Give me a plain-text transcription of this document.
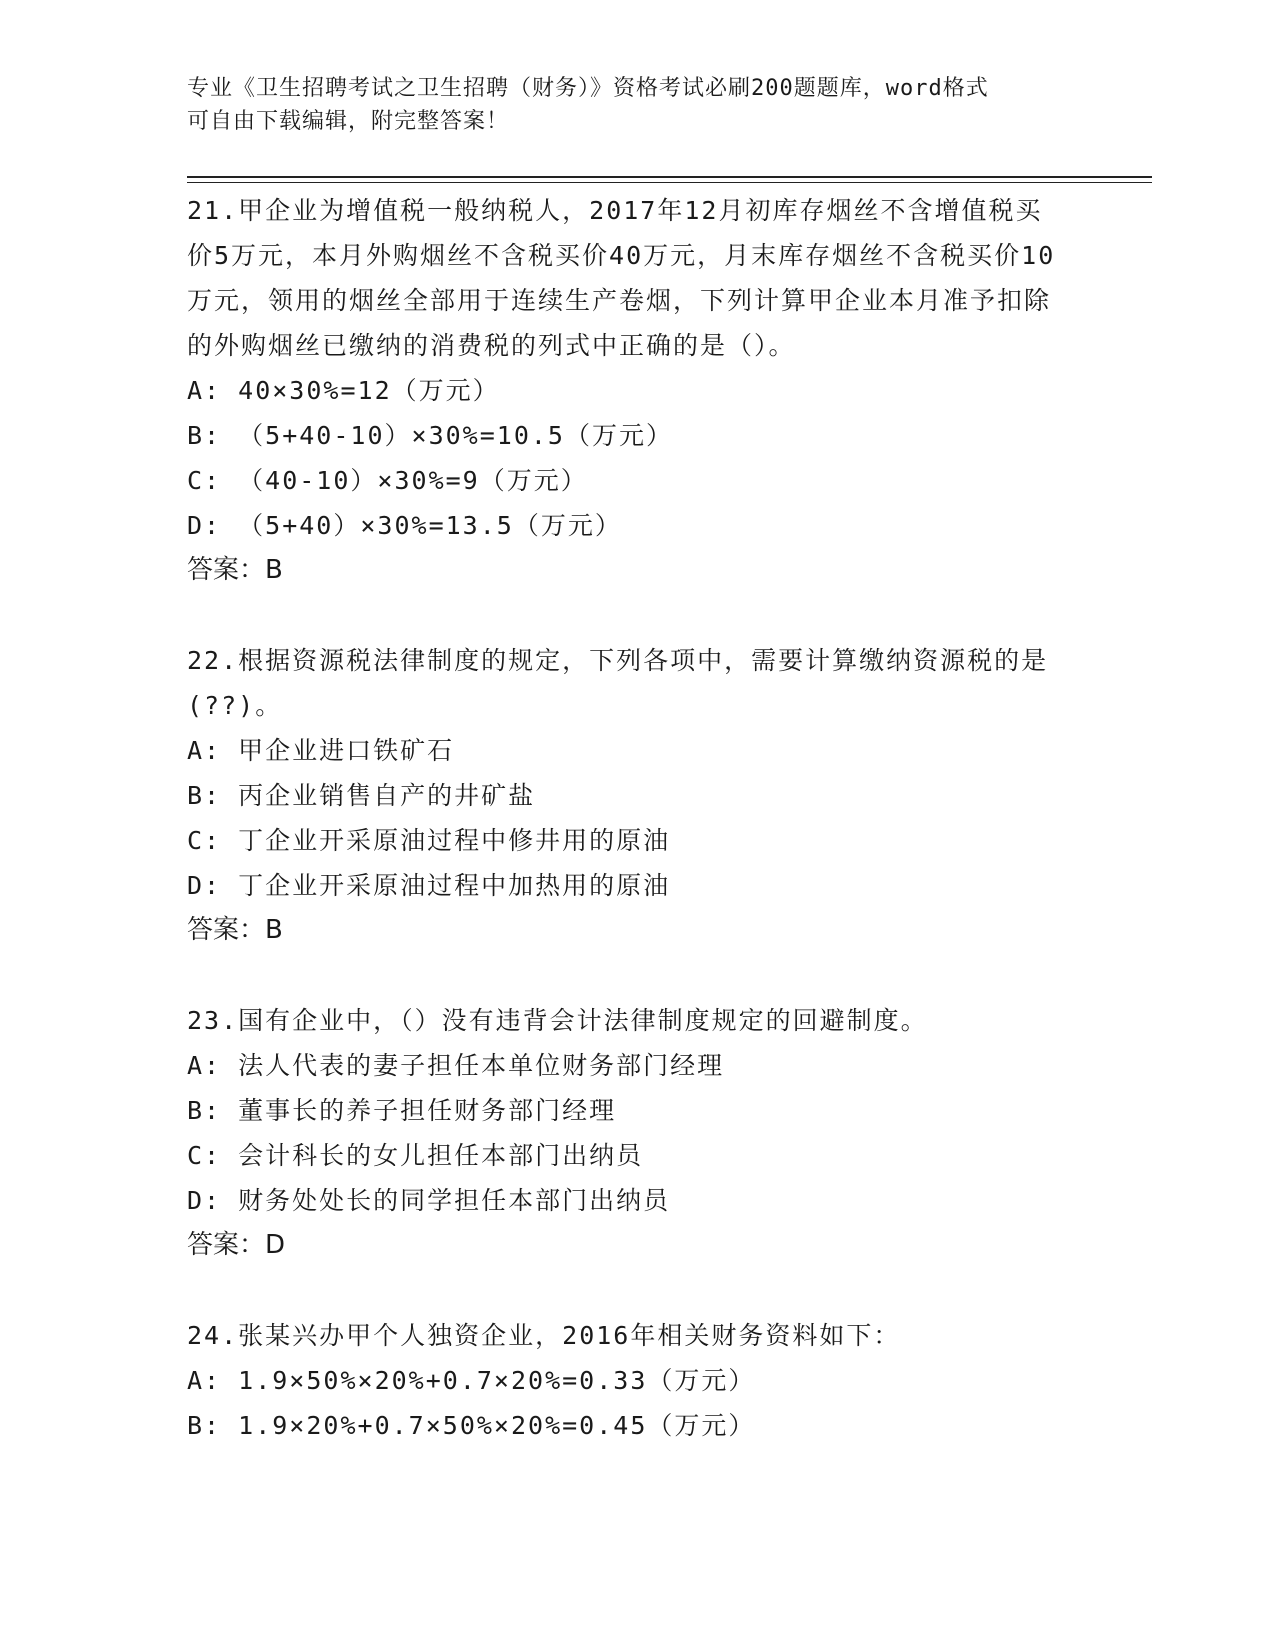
专业《卫生招聘考试之卫生招聘（财务）》资格考试必刷200题题库，word格式
可自由下载编辑，附完整答案！
21.甲企业为增值税一般纳税人，2017年12月初库存烟丝不含增值税买价5万元，本月外购烟丝不含税买价40万元，月末库存烟丝不含税买价10万元，领用的烟丝全部用于连续生产卷烟，下列计算甲企业本月准予扣除的外购烟丝已缴纳的消费税的列式中正确的是（）。
A: 40×30%=12（万元）
B: （5+40-10）×30%=10.5（万元）
C: （40-10）×30%=9（万元）
D: （5+40）×30%=13.5（万元）
答案：B
22.根据资源税法律制度的规定，下列各项中，需要计算缴纳资源税的是(??)。
A: 甲企业进口铁矿石
B: 丙企业销售自产的井矿盐
C: 丁企业开采原油过程中修井用的原油
D: 丁企业开采原油过程中加热用的原油
答案：B
23.国有企业中，（）没有违背会计法律制度规定的回避制度。
A: 法人代表的妻子担任本单位财务部门经理
B: 董事长的养子担任财务部门经理
C: 会计科长的女儿担任本部门出纳员
D: 财务处处长的同学担任本部门出纳员
答案：D
24.张某兴办甲个人独资企业，2016年相关财务资料如下：
A: 1.9×50%×20%+0.7×20%=0.33（万元）
B: 1.9×20%+0.7×50%×20%=0.45（万元）
